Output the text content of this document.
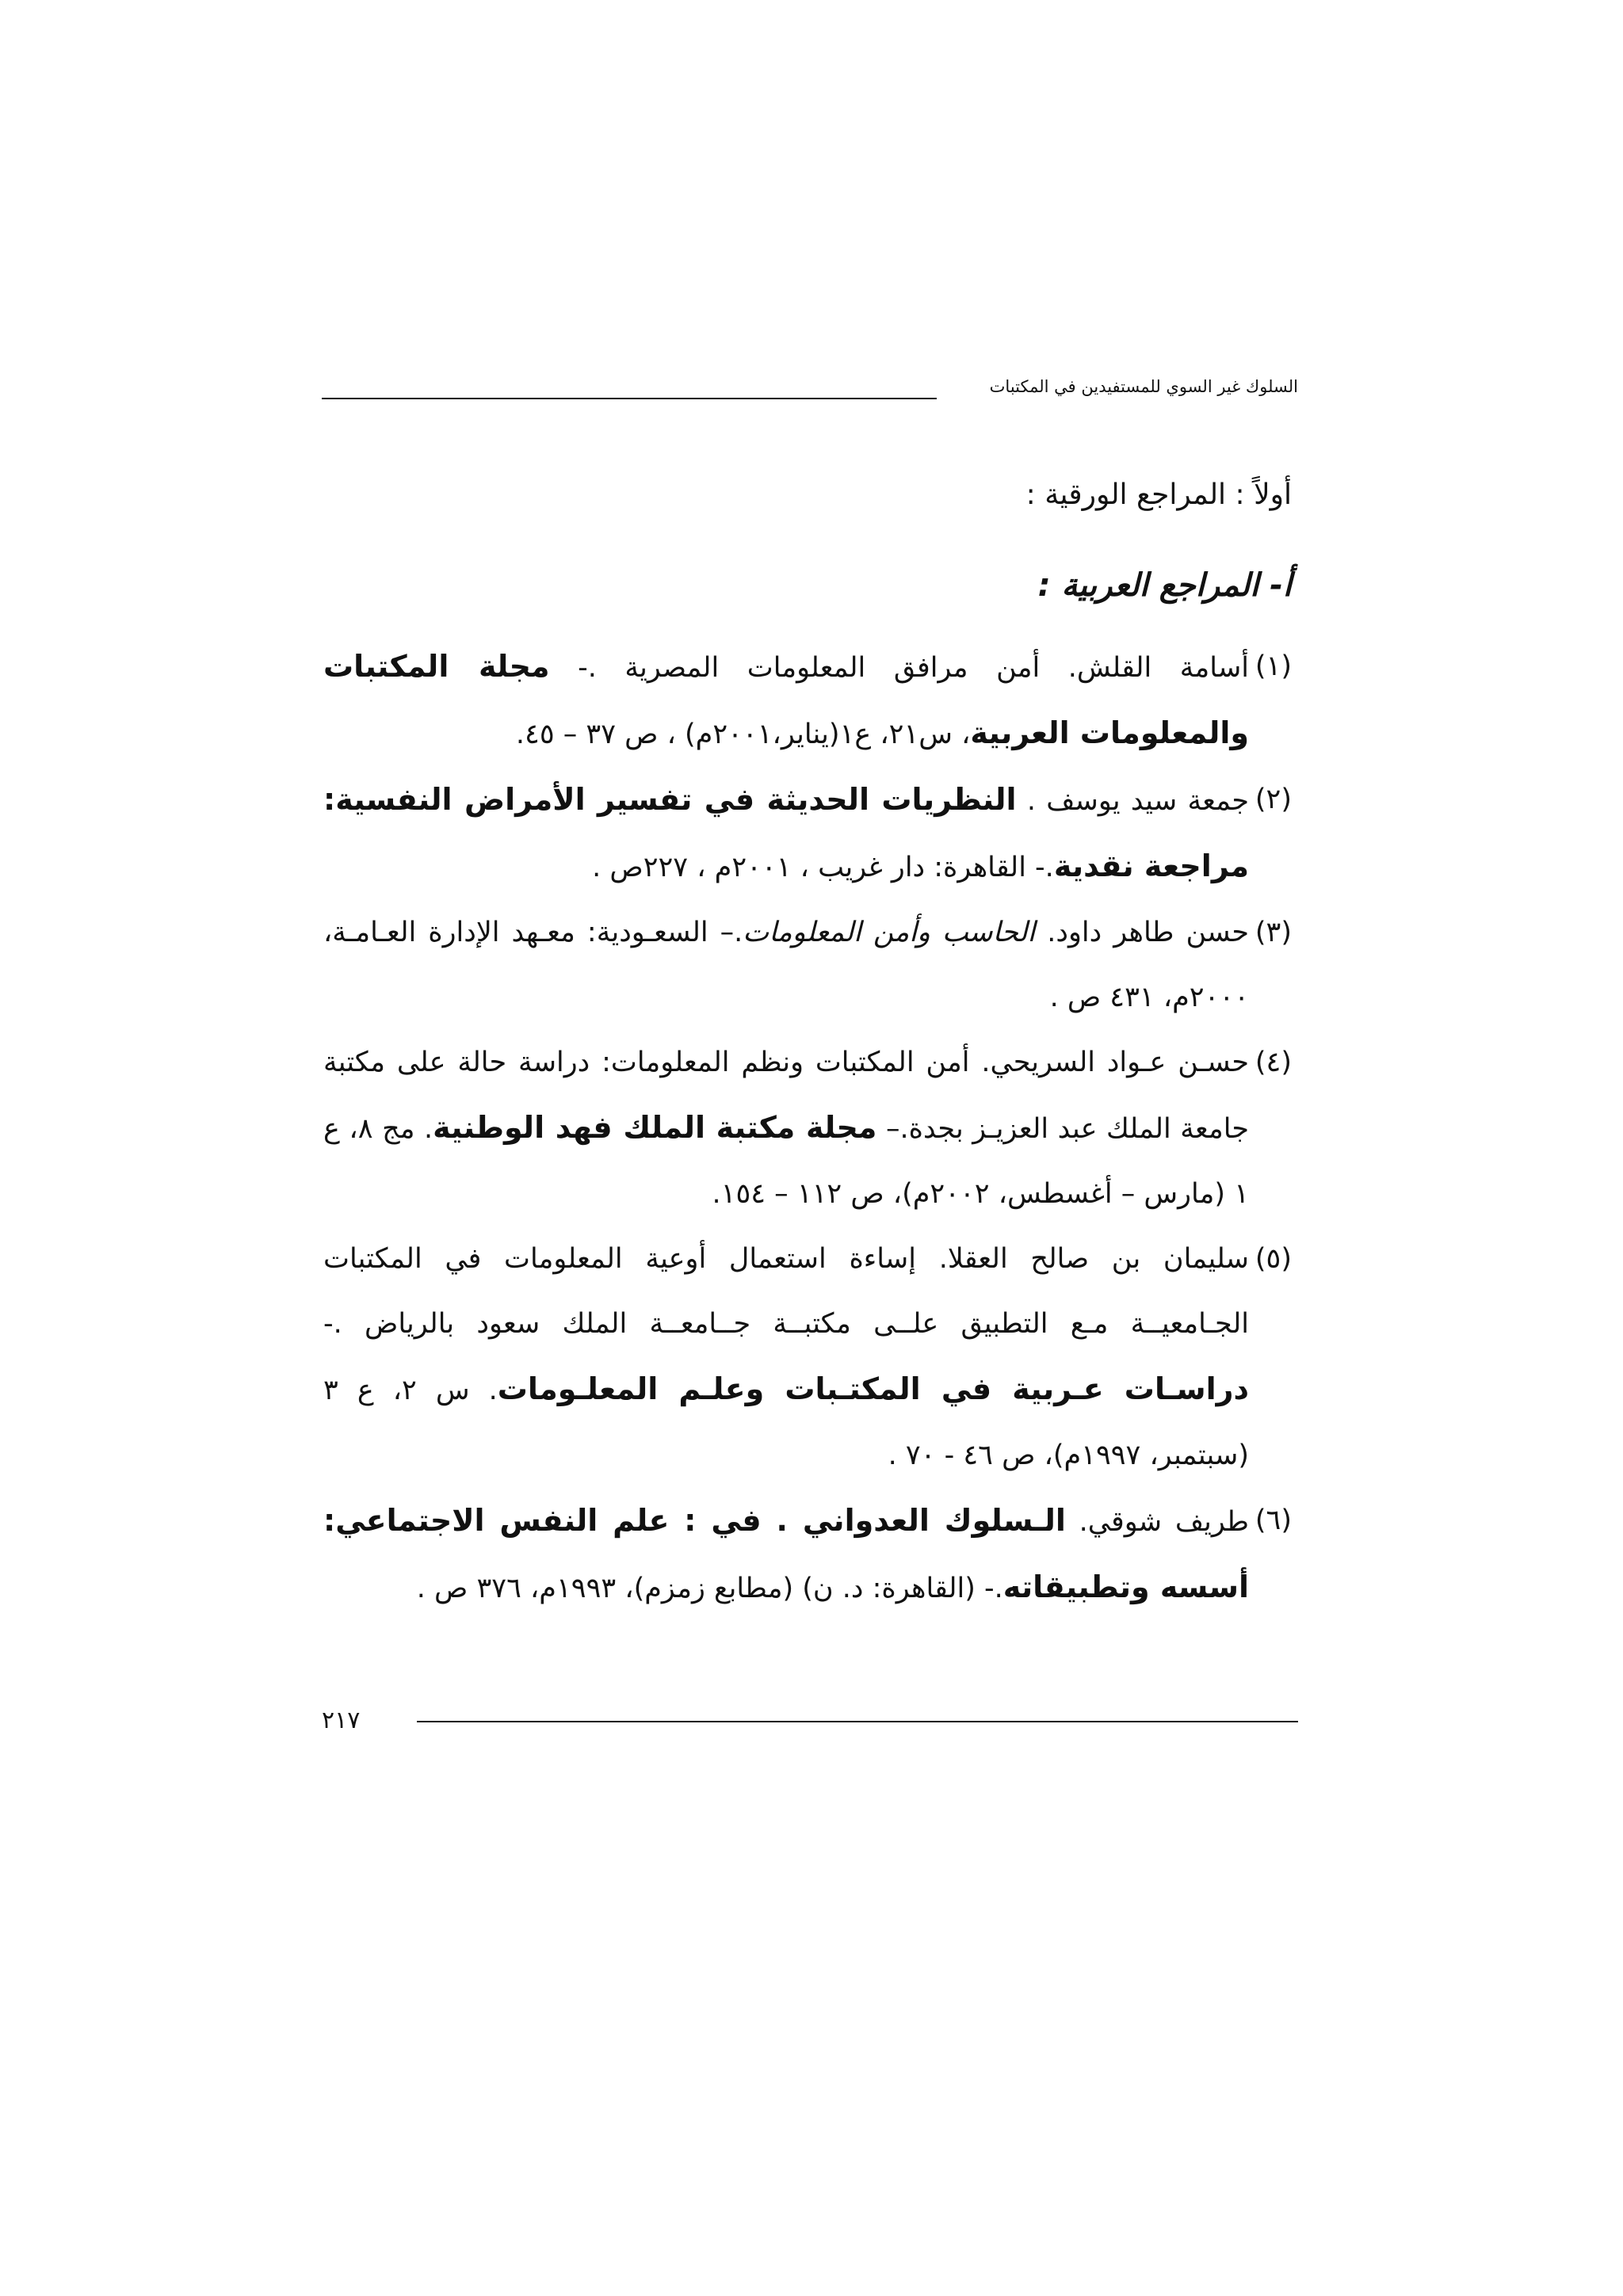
السلوك غير السوي للمستفيدين في المكتبات
أولاً : المراجع الورقية :
أ- المراجع العربية :
(١)
أسامة القلش. أمن مرافق المعلومات المصرية .- مجلة المكتبات والمعلومات العربية، س٢١، ع١(يناير،٢٠٠١م) ، ص ٣٧ – ٤٥.
(٢)
جمعة سيد يوسف . النظريات الحديثة في تفسير الأمراض النفسية: مراجعة نقدية.- القاهرة: دار غريب ، ٢٠٠١م ، ٢٢٧ص .
(٣)
حسن طاهر داود. الحاسب وأمن المعلومات.– السعـودية: معـهد الإدارة العـامـة، ٢٠٠٠م، ٤٣١ ص .
(٤)
حسـن عـواد السريحي. أمن المكتبات ونظم المعلومات: دراسة حالة على مكتبة جامعة الملك عبد العزيـز بجدة.– مجلة مكتبة الملك فهد الوطنية. مج ٨، ع ١ (مارس – أغسطس، ٢٠٠٢م)، ص ١١٢ – ١٥٤.
(٥)
سليمان بن صالح العقلا. إساءة استعمال أوعية المعلومات في المكتبات الجـامعيــة مـع التطبيق علــى مكتبــة جــامعــة الملك سعود بالرياض .- دراسـات عـربية في المكتـبات وعلـم المعلـومات. س ٢، ع ٣ (سبتمبر، ١٩٩٧م)، ص ٤٦ - ٧٠ .
(٦)
طريف شوقي. الـسلوك العدواني . في : علم النفس الاجتماعي: أسسه وتطبيقاته.- (القاهرة: د. ن) (مطابع زمزم)، ١٩٩٣م، ٣٧٦ ص .
٢١٧
